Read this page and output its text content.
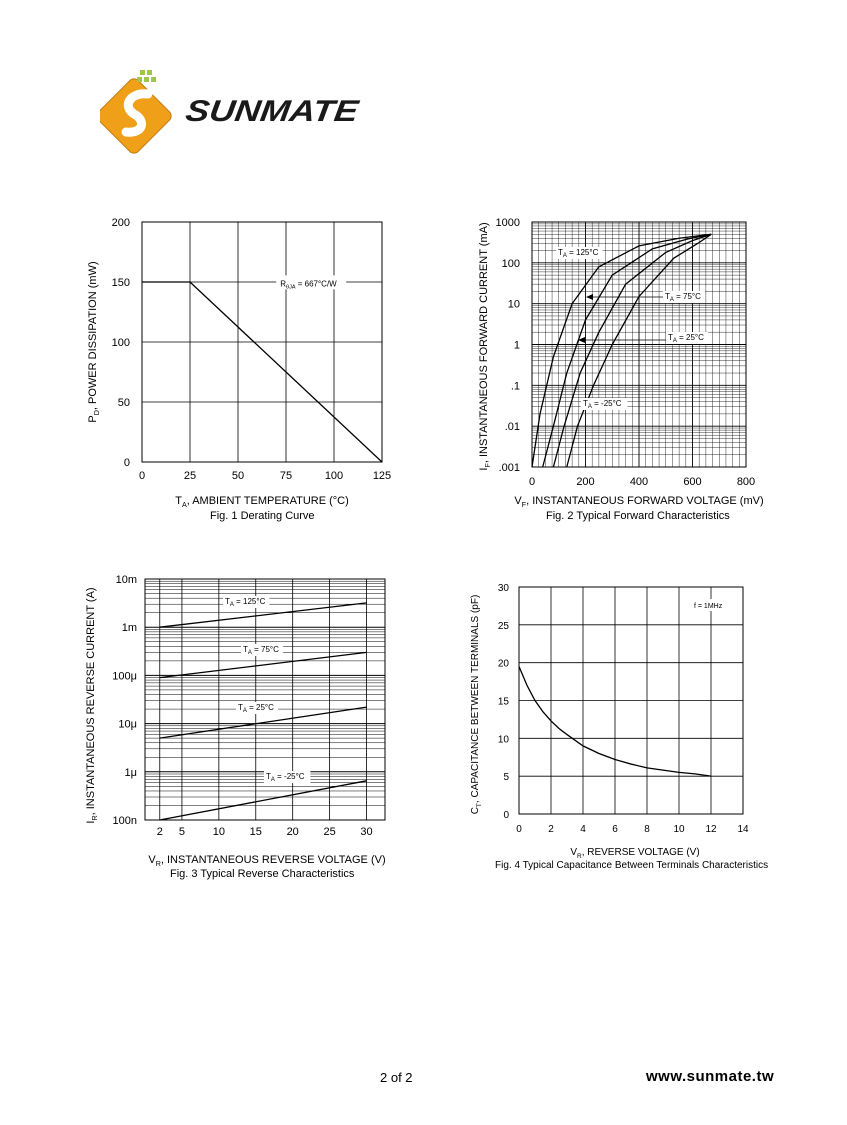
SUNMATE
0	25	50	75	100	125
0
50
100
150
200
$R_{\theta JA} = 667^\circ C/W$
$T_A$, AMBIENT TEMPERATURE (°C)
$P_D$, POWER DISSIPATION (mW)
0	200	400	600	800
.001
.01
.1
1
10
100
1000
$T_A = 125^\circ C$
$T_A = 75^\circ C$
$T_A = 25^\circ C$
$T_A = -25^\circ C$
$V_F$, INSTANTANEOUS FORWARD VOLTAGE (mV)
$I_F$, INSTANTANEOUS FORWARD CURRENT (mA)
2 5	10 15 20 25 30
100n
1μ
10μ
100μ
1m
10m
$T_A = 125^\circ C$
$T_A = 75^\circ C$
$T_A = 25^\circ C$
$T_A = -25^\circ C$
$V_R$, INSTANTANEOUS REVERSE VOLTAGE (V)
$I_R$, INSTANTANEOUS REVERSE CURRENT (A)
0	2	4	6	8 10 12 14
0
5
10
15
20
25
30
f = 1MHz
$V_R$, REVERSE VOLTAGE (V)
$C_T$, CAPACITANCE BETWEEN TERMINALS (pF)
Fig. 1 Derating Curve	Fig. 2 Typical Forward Characteristics
Fig. 3 Typical Reverse Characteristics
Fig. 4 Typical Capacitance Between Terminals Characteristics
2 of 2	www.sunmate.tw
